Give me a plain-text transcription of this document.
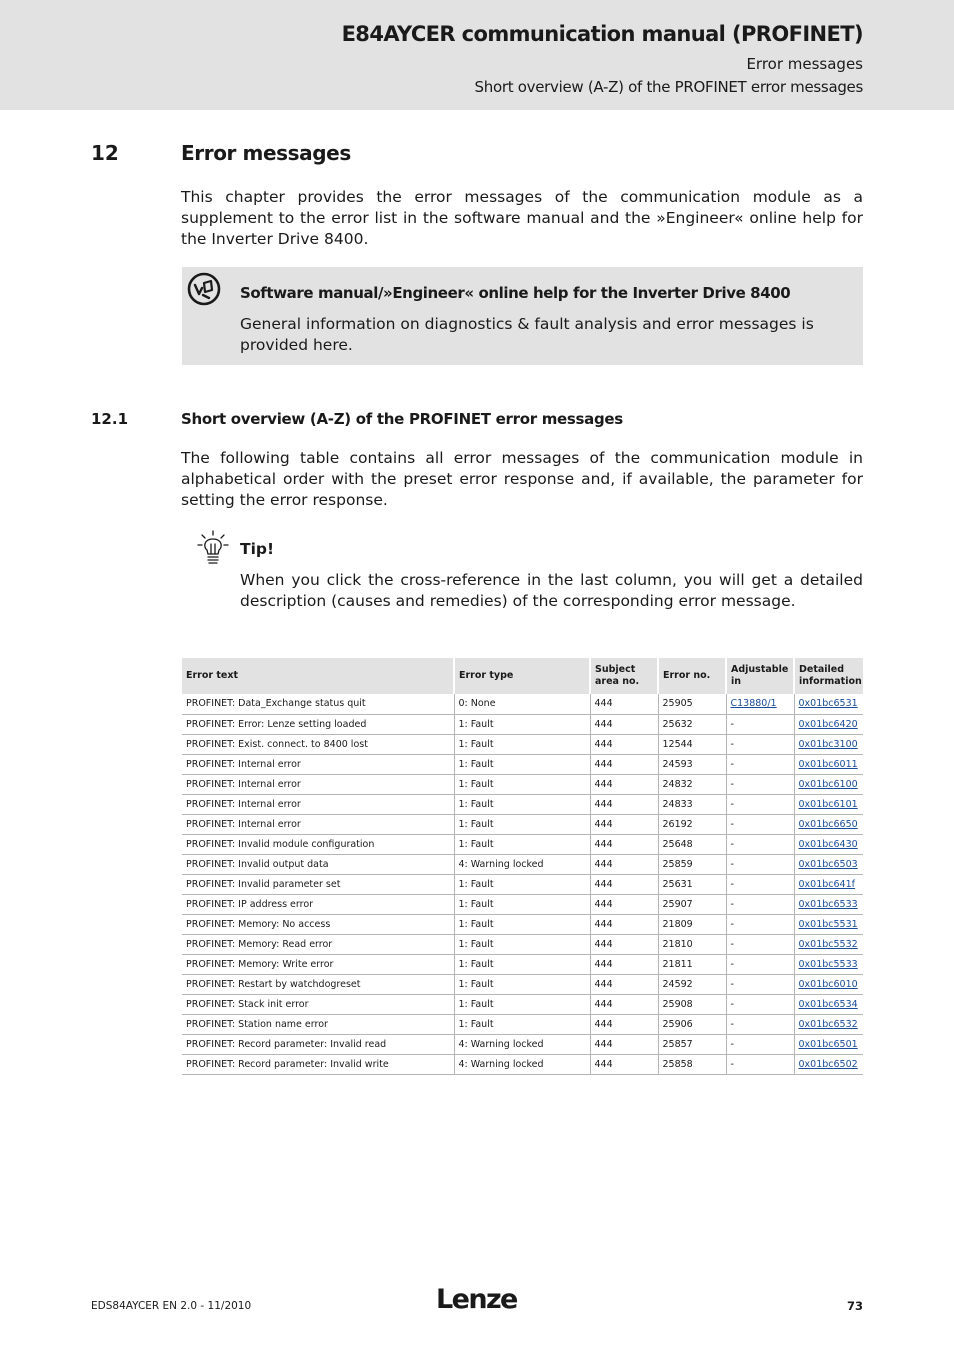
E84AYCER communication manual (PROFINET)
Error messages
Short overview (A-Z) of the PROFINET error messages
12	Error messages
This chapter provides the error messages of the communication module as a supplement to the error list in the software manual and the »Engineer« online help for the Inverter Drive 8400.
Software manual/»Engineer« online help for the Inverter Drive 8400
General information on diagnostics & fault analysis and error messages is provided here.
12.1	Short overview (A-Z) of the PROFINET error messages
The following table contains all error messages of the communication module in alphabetical order with the preset error response and, if available, the parameter for setting the error response.
Tip!
When you click the cross-reference in the last column, you will get a detailed description (causes and remedies) of the corresponding error message.
Error text	Error type	Subject area no.	Error no.	Adjustable in	Detailed information
PROFINET: Data_Exchange status quit	0: None	444	25905	C13880/1	0x01bc6531
PROFINET: Error: Lenze setting loaded	1: Fault	444	25632	-	0x01bc6420
PROFINET: Exist. connect. to 8400 lost	1: Fault	444	12544	-	0x01bc3100
PROFINET: Internal error	1: Fault	444	24593	-	0x01bc6011
PROFINET: Internal error	1: Fault	444	24832	-	0x01bc6100
PROFINET: Internal error	1: Fault	444	24833	-	0x01bc6101
PROFINET: Internal error	1: Fault	444	26192	-	0x01bc6650
PROFINET: Invalid module configuration	1: Fault	444	25648	-	0x01bc6430
PROFINET: Invalid output data	4: Warning locked	444	25859	-	0x01bc6503
PROFINET: Invalid parameter set	1: Fault	444	25631	-	0x01bc641f
PROFINET: IP address error	1: Fault	444	25907	-	0x01bc6533
PROFINET: Memory: No access	1: Fault	444	21809	-	0x01bc5531
PROFINET: Memory: Read error	1: Fault	444	21810	-	0x01bc5532
PROFINET: Memory: Write error	1: Fault	444	21811	-	0x01bc5533
PROFINET: Restart by watchdogreset	1: Fault	444	24592	-	0x01bc6010
PROFINET: Stack init error	1: Fault	444	25908	-	0x01bc6534
PROFINET: Station name error	1: Fault	444	25906	-	0x01bc6532
PROFINET: Record parameter: Invalid read	4: Warning locked	444	25857	-	0x01bc6501
PROFINET: Record parameter: Invalid write	4: Warning locked	444	25858	-	0x01bc6502
EDS84AYCER EN 2.0 - 11/2010	Lenze	73
